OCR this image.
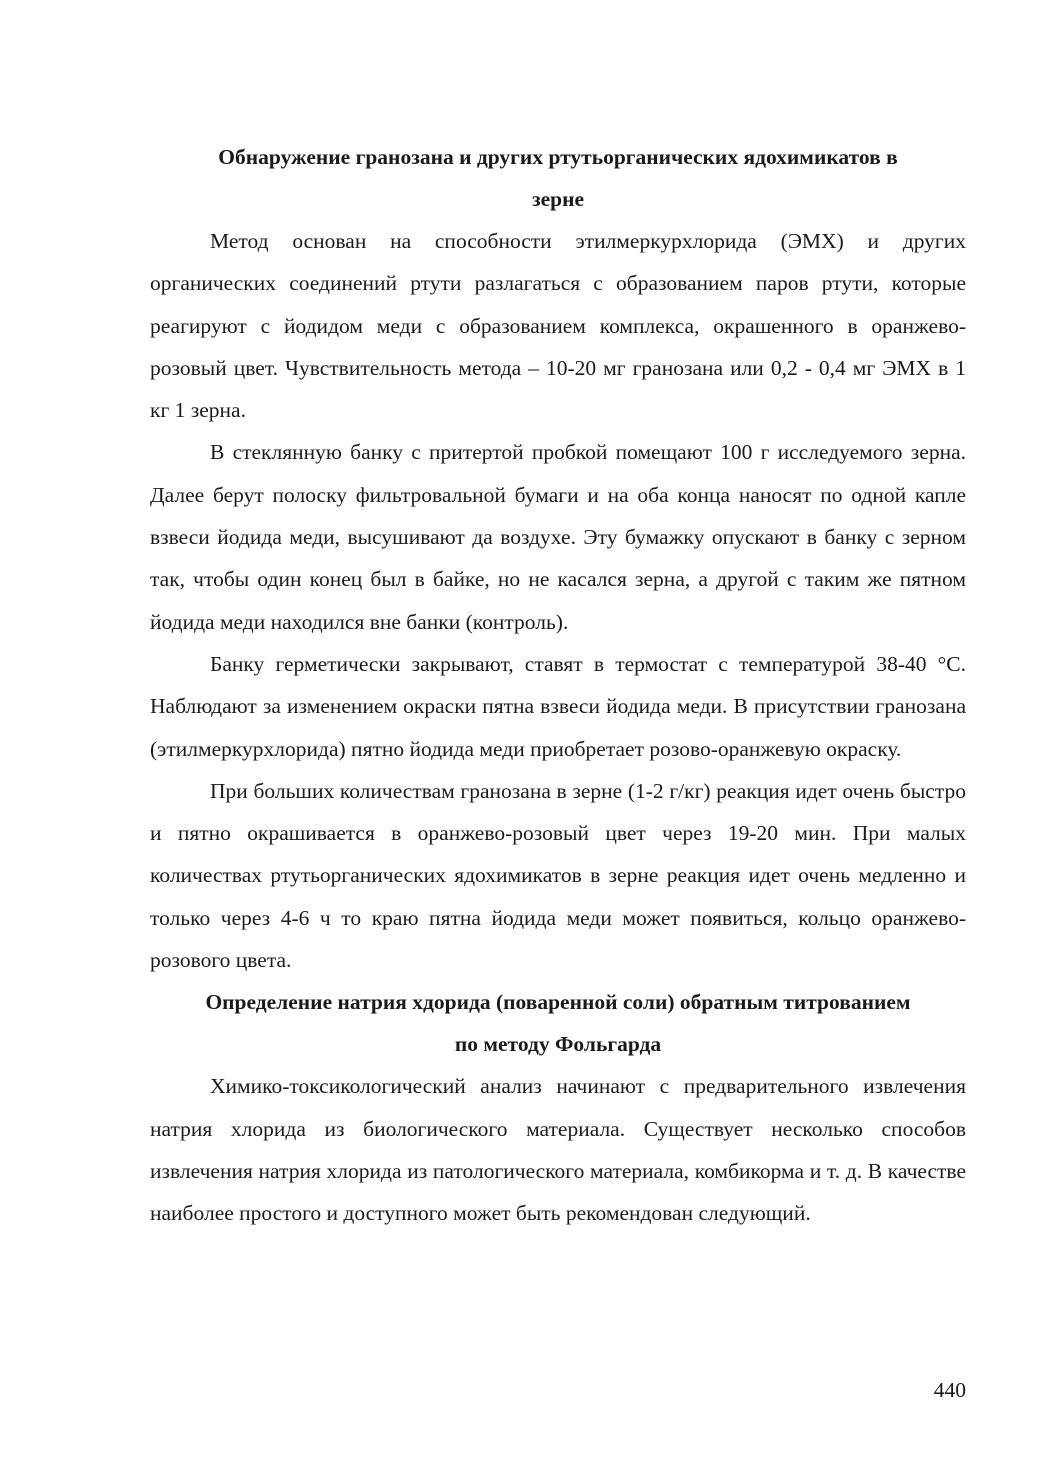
Обнаружение гранозана и других ртутьорганических ядохимикатов в
зерне

Метод основан на способности этилмеркурхлорида (ЭМХ) и других органических соединений ртути разлагаться с образованием паров ртути, которые реагируют с йодидом меди с образованием комплекса, окрашенного в оранжево-розовый цвет. Чувствительность метода – 10-20 мг гранозана или 0,2 - 0,4 мг ЭМХ в 1 кг 1 зерна.

В стеклянную банку с притертой пробкой помещают 100 г исследуемого зерна. Далее берут полоску фильтровальной бумаги и на оба конца наносят по одной капле взвеси йодида меди, высушивают да воздухе. Эту бумажку опускают в банку с зерном так, чтобы один конец был в байке, но не касался зерна, а другой с таким же пятном йодида меди находился вне банки (контроль).

Банку герметически закрывают, ставят в термостат с температурой 38-40 °С. Наблюдают за изменением окраски пятна взвеси йодида меди. В присутствии гранозана (этилмеркурхлорида) пятно йодида меди приобретает розово-оранжевую окраску.

При больших количествам гранозана в зерне (1-2 г/кг) реакция идет очень быстро и пятно окрашивается в оранжево-розовый цвет через 19-20 мин. При малых количествах ртутьорганических ядохимикатов в зерне реакция идет очень медленно и только через 4-6 ч то краю пятна йодида меди может появиться, кольцо оранжево-розового цвета.

Определение натрия хдорида (поваренной соли) обратным титрованием
по методу Фольгарда

Химико-токсикологический анализ начинают с предварительного извлечения натрия хлорида из биологического материала. Существует несколько способов извлечения натрия хлорида из патологического материала, комбикорма и т. д. В качестве наиболее простого и доступного может быть рекомендован следующий.

440
